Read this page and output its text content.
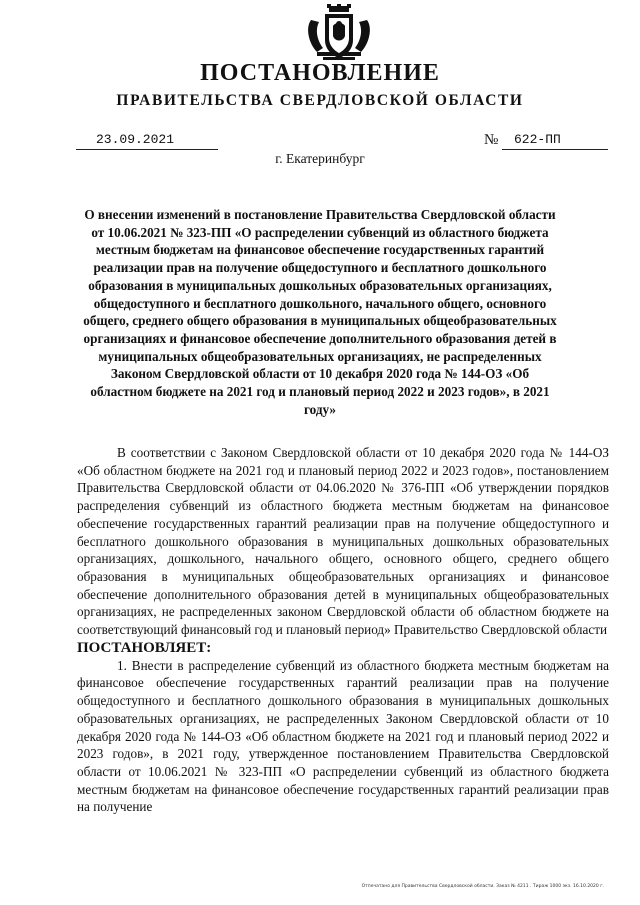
ПОСТАНОВЛЕНИЕ
ПРАВИТЕЛЬСТВА СВЕРДЛОВСКОЙ ОБЛАСТИ
23.09.2021	№ 622-ПП
г. Екатеринбург
О внесении изменений в постановление Правительства Свердловской области от 10.06.2021 № 323-ПП «О распределении субвенций из областного бюджета местным бюджетам на финансовое обеспечение государственных гарантий реализации прав на получение общедоступного и бесплатного дошкольного образования в муниципальных дошкольных образовательных организациях, общедоступного и бесплатного дошкольного, начального общего, основного общего, среднего общего образования в муниципальных общеобразовательных организациях и финансовое обеспечение дополнительного образования детей в муниципальных общеобразовательных организациях, не распределенных Законом Свердловской области от 10 декабря 2020 года № 144-ОЗ «Об областном бюджете на 2021 год и плановый период 2022 и 2023 годов», в 2021 году»

В соответствии с Законом Свердловской области от 10 декабря 2020 года № 144-ОЗ «Об областном бюджете на 2021 год и плановый период 2022 и 2023 годов», постановлением Правительства Свердловской области от 04.06.2020 № 376-ПП «Об утверждении порядков распределения субвенций из областного бюджета местным бюджетам на финансовое обеспечение государственных гарантий реализации прав на получение общедоступного и бесплатного дошкольного образования в муниципальных дошкольных образовательных организациях, дошкольного, начального общего, основного общего, среднего общего образования в муниципальных общеобразовательных организациях и финансовое обеспечение дополнительного образования детей в муниципальных общеобразовательных организациях, не распределенных законом Свердловской области об областном бюджете на соответствующий финансовый год и плановый период» Правительство Свердловской области

ПОСТАНОВЛЯЕТ:

1. Внести в распределение субвенций из областного бюджета местным бюджетам на финансовое обеспечение государственных гарантий реализации прав на получение общедоступного и бесплатного дошкольного образования в муниципальных дошкольных образовательных организациях, не распределенных Законом Свердловской области от 10 декабря 2020 года № 144-ОЗ «Об областном бюджете на 2021 год и плановый период 2022 и 2023 годов», в 2021 году, утвержденное постановлением Правительства Свердловской области от 10.06.2021 № 323-ПП «О распределении субвенций из областного бюджета местным бюджетам на финансовое обеспечение государственных гарантий реализации прав на получение

Отпечатано для Правительства Свердловской области. Заказ № 4211 . Тираж 1000 экз. 16.10.2020 г.
